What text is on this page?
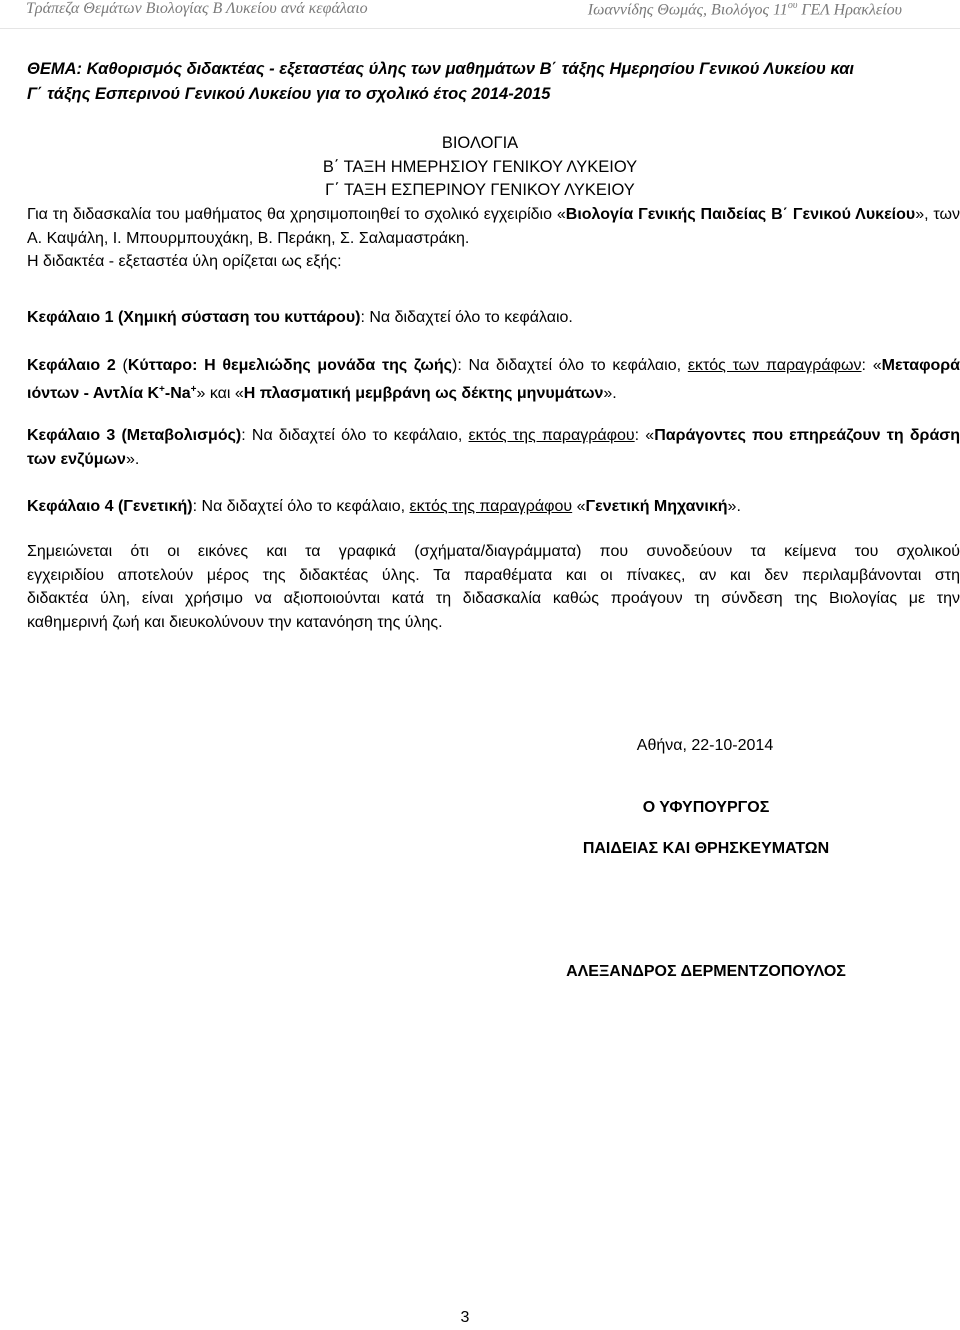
Τράπεζα Θεμάτων Βιολογίας Β Λυκείου ανά κεφάλαιο	Ιωαννίδης Θωμάς, Βιολόγος $11^{o\upsilon}$ ΓΕΛ Ηρακλείου
ΘΕΜΑ: Καθορισμός διδακτέας - εξεταστέας ύλης των μαθημάτων Β΄ τάξης Ημερησίου Γενικού Λυκείου και
Γ΄ τάξης Εσπερινού Γενικού Λυκείου για το σχολικό έτος 2014-2015
ΒΙΟΛΟΓΙΑ
Β΄ ΤΑΞΗ ΗΜΕΡΗΣΙΟΥ ΓΕΝΙΚΟΥ ΛΥΚΕΙΟΥ
Γ΄ ΤΑΞΗ ΕΣΠΕΡΙΝΟΥ ΓΕΝΙΚΟΥ ΛΥΚΕΙΟΥ
Για τη διδασκαλία του μαθήματος θα χρησιμοποιηθεί το σχολικό εγχειρίδιο «Βιολογία Γενικής Παιδείας Β΄ Γενικού Λυκείου», των Α. Καψάλη, Ι. Μπουρμπουχάκη, Β. Περάκη, Σ. Σαλαμαστράκη.
Η διδακτέα - εξεταστέα ύλη ορίζεται ως εξής:
Κεφάλαιο 1 (Χημική σύσταση του κυττάρου): Να διδαχτεί όλο το κεφάλαιο.
Κεφάλαιο 2 (Κύτταρο: Η θεμελιώδης μονάδα της ζωής): Να διδαχτεί όλο το κεφάλαιο, εκτός των παραγράφων: «Μεταφορά ιόντων - Αντλία K+-Na+» και «Η πλασματική μεμβράνη ως δέκτης μηνυμάτων».
Κεφάλαιο 3 (Μεταβολισμός): Να διδαχτεί όλο το κεφάλαιο, εκτός της παραγράφου: «Παράγοντες που επηρεάζουν τη δράση των ενζύμων».
Κεφάλαιο 4 (Γενετική): Να διδαχτεί όλο το κεφάλαιο, εκτός της παραγράφου «Γενετική Μηχανική».
Σημειώνεται ότι οι εικόνες και τα γραφικά (σχήματα/διαγράμματα) που συνοδεύουν τα κείμενα του σχολικού
εγχειριδίου αποτελούν μέρος της διδακτέας ύλης. Τα παραθέματα και οι πίνακες, αν και δεν περιλαμβάνονται στη
διδακτέα ύλη, είναι χρήσιμο να αξιοποιούνται κατά τη διδασκαλία καθώς προάγουν τη σύνδεση της Βιολογίας με την
καθημερινή ζωή και διευκολύνουν την κατανόηση της ύλης.
Αθήνα, 22-10-2014
Ο ΥΦΥΠΟΥΡΓΟΣ
ΠΑΙΔΕΙΑΣ ΚΑΙ ΘΡΗΣΚΕΥΜΑΤΩΝ
ΑΛΕΞΑΝΔΡΟΣ ΔΕΡΜΕΝΤΖΟΠΟΥΛΟΣ
3
